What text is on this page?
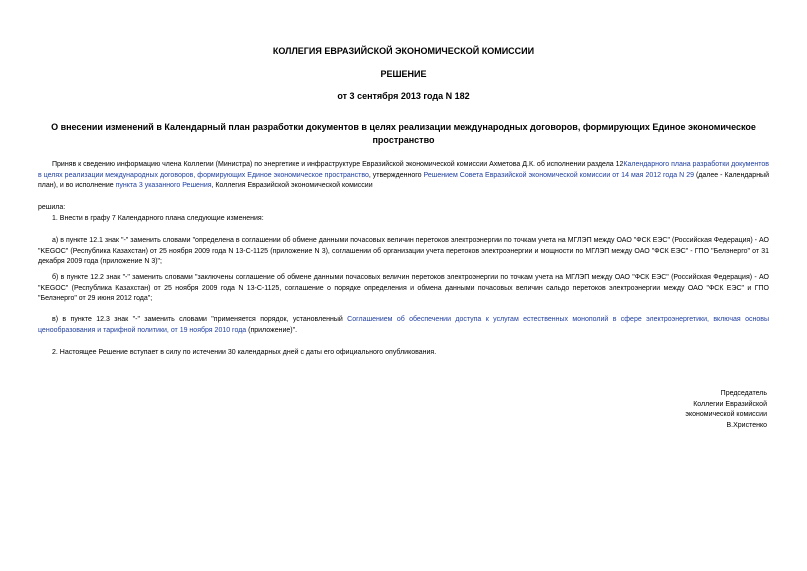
КОЛЛЕГИЯ ЕВРАЗИЙСКОЙ ЭКОНОМИЧЕСКОЙ КОМИССИИ
РЕШЕНИЕ
от 3 сентября 2013 года N 182
О внесении изменений в Календарный план разработки документов в целях реализации международных договоров, формирующих Единое экономическое
пространство
Приняв к сведению информацию члена Коллегии (Министра) по энергетике и инфраструктуре Евразийской экономической комиссии Ахметова Д.К. об исполнении раздела 12Календарного плана разработки документов в целях реализации международных договоров, формирующих Единое экономическое пространство, утвержденного Решением Совета Евразийской экономической комиссии от 14 мая 2012 года N 29 (далее - Календарный план), и во исполнение пункта 3 указанного Решения, Коллегия Евразийской экономической комиссии
решила:
1. Внести в графу 7 Календарного плана следующие изменения:
а) в пункте 12.1 знак "-" заменить словами "определена в соглашении об обмене данными почасовых величин перетоков электроэнергии по точкам учета на МГЛЭП между ОАО "ФСК ЕЭС" (Российская Федерация) - АО "KEGOC" (Республика Казахстан) от 25 ноября 2009 года N 13-С-1125 (приложение N 3), соглашении об организации учета перетоков электроэнергии и мощности по МГЛЭП между ОАО "ФСК ЕЭС" - ГПО "Белэнерго" от 31 декабря 2009 года (приложение N 3)";
б) в пункте 12.2 знак "-" заменить словами "заключены соглашение об обмене данными почасовых величин перетоков электроэнергии по точкам учета на МГЛЭП между ОАО "ФСК ЕЭС" (Российская Федерация) - АО "KEGOC" (Республика Казахстан) от 25 ноября 2009 года N 13-С-1125, соглашение о порядке определения и обмена данными почасовых величин сальдо перетоков электроэнергии между ОАО "ФСК ЕЭС" и ГПО "Белэнерго" от 29 июня 2012 года";
в) в пункте 12.3 знак "-" заменить словами "применяется порядок, установленный Соглашением об обеспечении доступа к услугам естественных монополий в сфере электроэнергетики, включая основы ценообразования и тарифной политики, от 19 ноября 2010 года (приложение)".
2. Настоящее Решение вступает в силу по истечении 30 календарных дней с даты его официального опубликования.
Председатель
Коллегии Евразийской
экономической комиссии
В.Христенко
